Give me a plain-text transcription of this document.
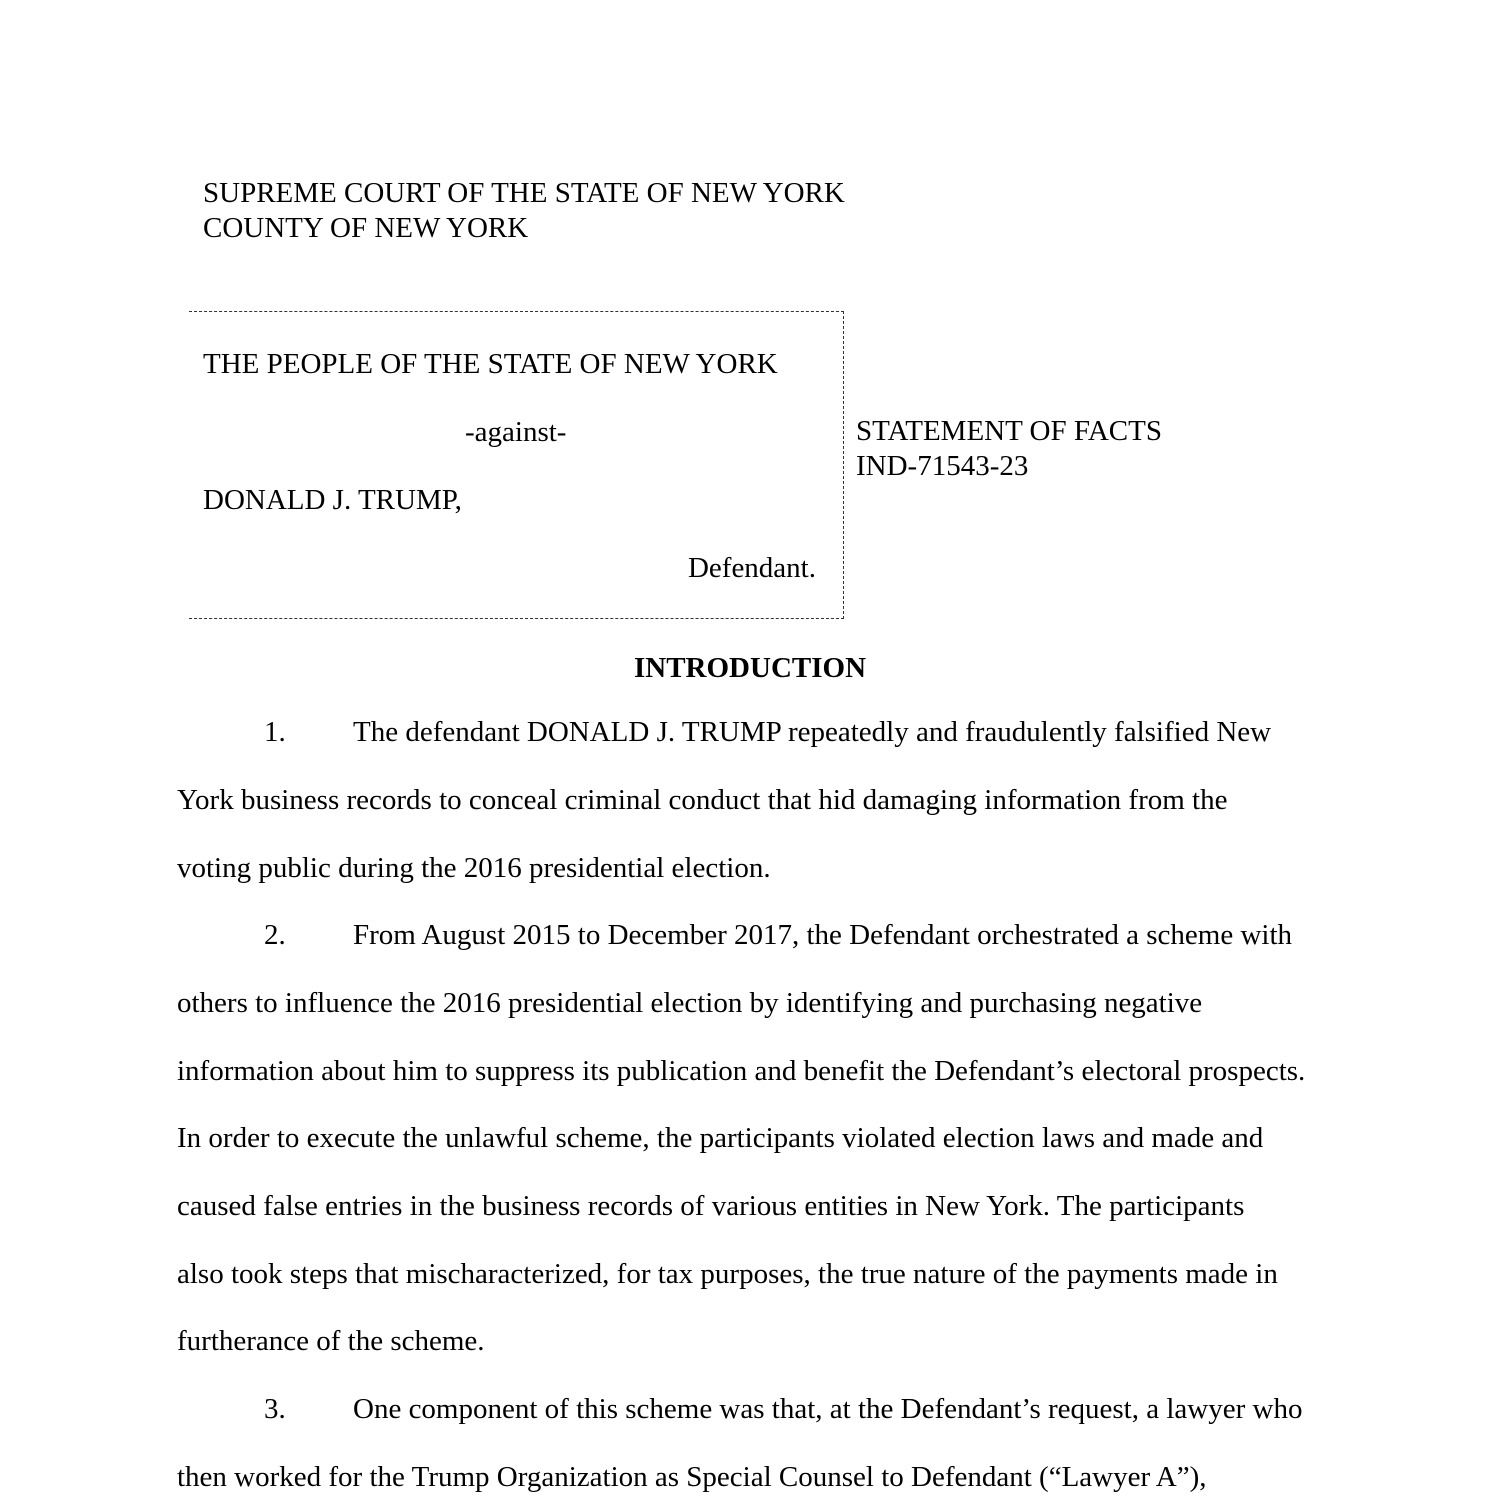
SUPREME COURT OF THE STATE OF NEW YORK
COUNTY OF NEW YORK
THE PEOPLE OF THE STATE OF NEW YORK
-against-
DONALD J. TRUMP,
Defendant.
STATEMENT OF FACTS
IND-71543-23
INTRODUCTION
1. The defendant DONALD J. TRUMP repeatedly and fraudulently falsified New
York business records to conceal criminal conduct that hid damaging information from the
voting public during the 2016 presidential election.
2. From August 2015 to December 2017, the Defendant orchestrated a scheme with
others to influence the 2016 presidential election by identifying and purchasing negative
information about him to suppress its publication and benefit the Defendant’s electoral prospects.
In order to execute the unlawful scheme, the participants violated election laws and made and
caused false entries in the business records of various entities in New York. The participants
also took steps that mischaracterized, for tax purposes, the true nature of the payments made in
furtherance of the scheme.
3. One component of this scheme was that, at the Defendant’s request, a lawyer who
then worked for the Trump Organization as Special Counsel to Defendant (“Lawyer A”),
